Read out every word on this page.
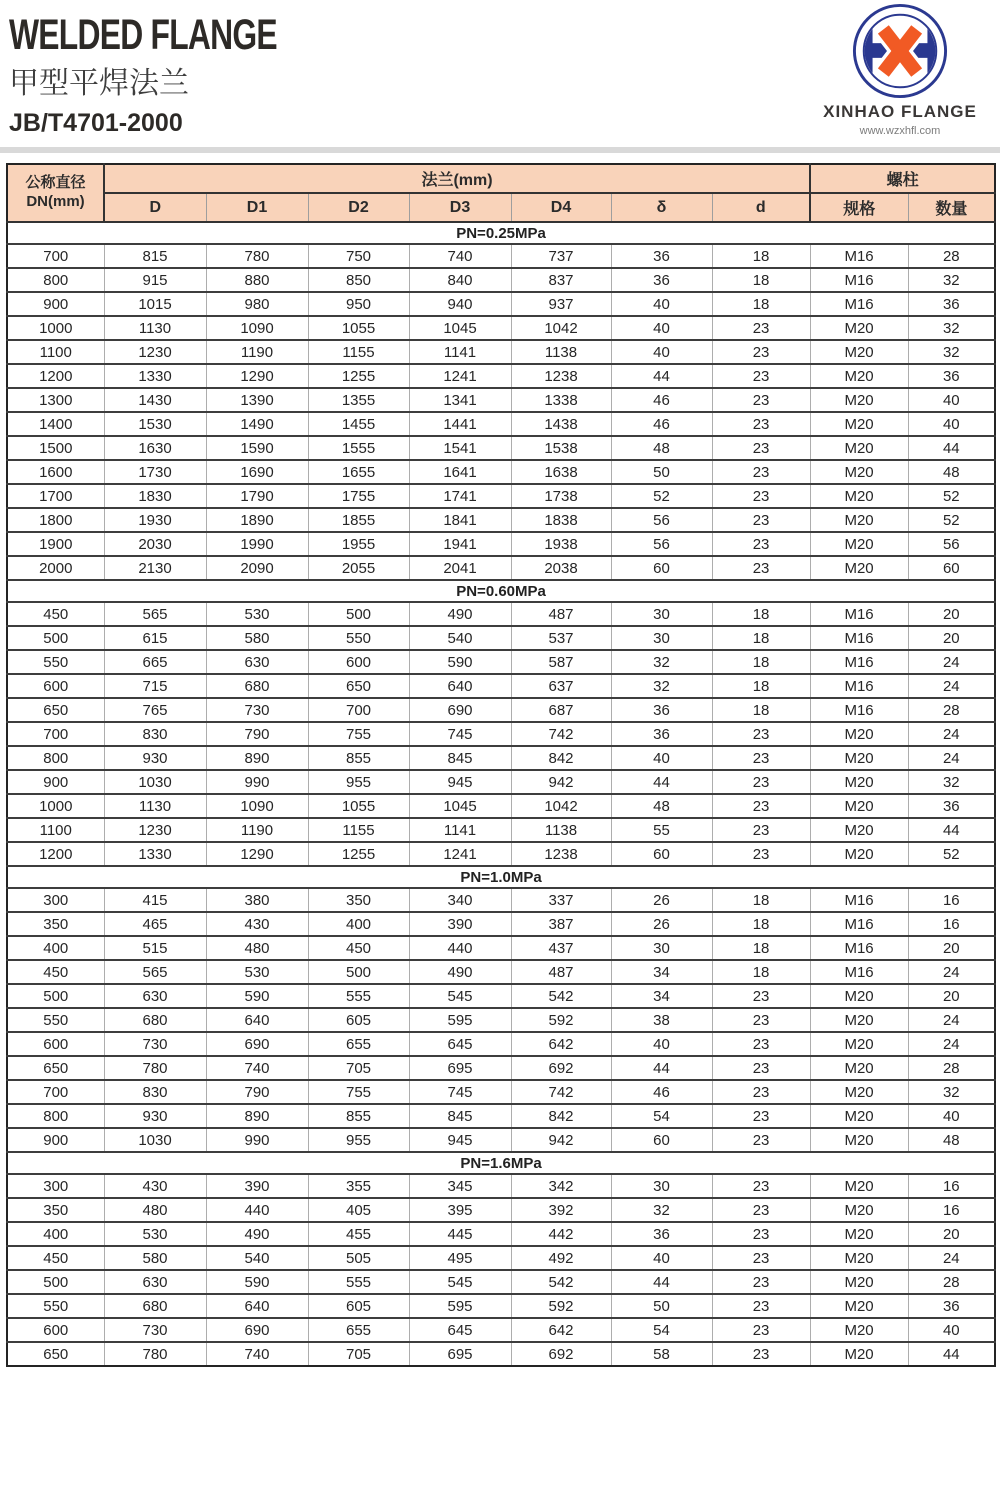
WELDED FLANGE
甲型平焊法兰
JB/T4701-2000	XINHAO FLANGE
www.wzxhfl.com
公称直径
DN(mm)	法兰(mm)							螺柱	
	D	D1	D2	D3	D4	δ	d	规格	数量
PN=0.25MPa									
700	815	780	750	740	737	36	18	M16	28
800	915	880	850	840	837	36	18	M16	32
900	1015	980	950	940	937	40	18	M16	36
1000	1130	1090	1055	1045	1042	40	23	M20	32
1100	1230	1190	1155	1141	1138	40	23	M20	32
1200	1330	1290	1255	1241	1238	44	23	M20	36
1300	1430	1390	1355	1341	1338	46	23	M20	40
1400	1530	1490	1455	1441	1438	46	23	M20	40
1500	1630	1590	1555	1541	1538	48	23	M20	44
1600	1730	1690	1655	1641	1638	50	23	M20	48
1700	1830	1790	1755	1741	1738	52	23	M20	52
1800	1930	1890	1855	1841	1838	56	23	M20	52
1900	2030	1990	1955	1941	1938	56	23	M20	56
2000	2130	2090	2055	2041	2038	60	23	M20	60
PN=0.60MPa									
450	565	530	500	490	487	30	18	M16	20
500	615	580	550	540	537	30	18	M16	20
550	665	630	600	590	587	32	18	M16	24
600	715	680	650	640	637	32	18	M16	24
650	765	730	700	690	687	36	18	M16	28
700	830	790	755	745	742	36	23	M20	24
800	930	890	855	845	842	40	23	M20	24
900	1030	990	955	945	942	44	23	M20	32
1000	1130	1090	1055	1045	1042	48	23	M20	36
1100	1230	1190	1155	1141	1138	55	23	M20	44
1200	1330	1290	1255	1241	1238	60	23	M20	52
PN=1.0MPa									
300	415	380	350	340	337	26	18	M16	16
350	465	430	400	390	387	26	18	M16	16
400	515	480	450	440	437	30	18	M16	20
450	565	530	500	490	487	34	18	M16	24
500	630	590	555	545	542	34	23	M20	20
550	680	640	605	595	592	38	23	M20	24
600	730	690	655	645	642	40	23	M20	24
650	780	740	705	695	692	44	23	M20	28
700	830	790	755	745	742	46	23	M20	32
800	930	890	855	845	842	54	23	M20	40
900	1030	990	955	945	942	60	23	M20	48
PN=1.6MPa									
300	430	390	355	345	342	30	23	M20	16
350	480	440	405	395	392	32	23	M20	16
400	530	490	455	445	442	36	23	M20	20
450	580	540	505	495	492	40	23	M20	24
500	630	590	555	545	542	44	23	M20	28
550	680	640	605	595	592	50	23	M20	36
600	730	690	655	645	642	54	23	M20	40
650	780	740	705	695	692	58	23	M20	44
